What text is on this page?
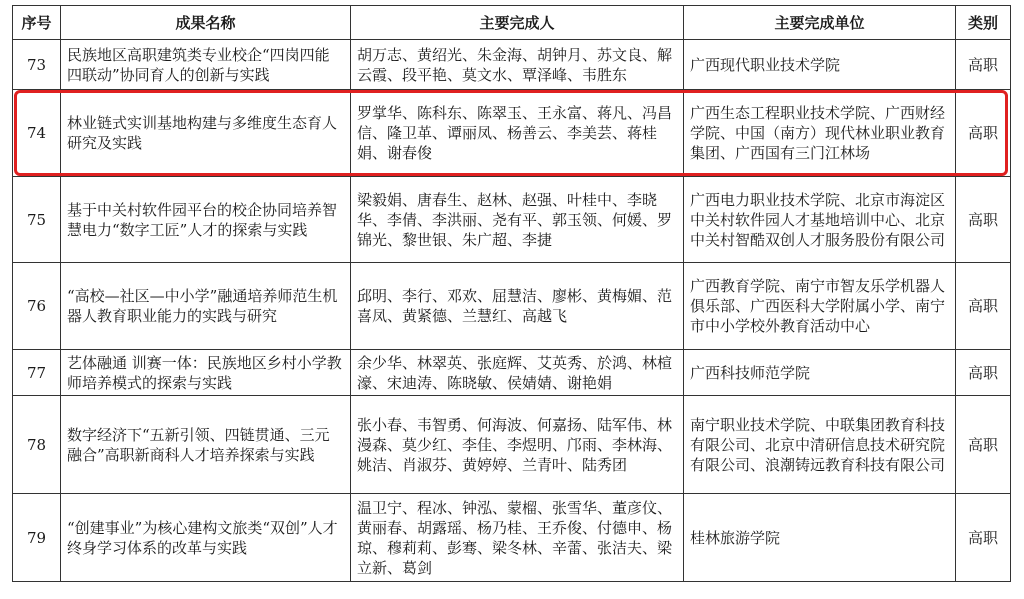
序号	成果名称	主要完成人	主要完成单位	类别
73	民族地区高职建筑类专业校企“四岗四能四联动”协同育人的创新与实践	胡万志、黄绍光、朱金海、胡钟月、苏文良、解云霞、段平艳、莫文水、覃泽峰、韦胜东	广西现代职业技术学院	高职
74	林业链式实训基地构建与多维度生态育人研究及实践	罗掌华、陈科东、陈翠玉、王永富、蒋凡、冯昌信、隆卫革、谭丽凤、杨善云、李美芸、蒋桂娟、谢春俊	广西生态工程职业技术学院、广西财经学院、中国（南方）现代林业职业教育集团、广西国有三门江林场	高职
75	基于中关村软件园平台的校企协同培养智慧电力“数字工匠”人才的探索与实践	梁毅娟、唐春生、赵林、赵强、叶桂中、李晓华、李倩、李洪丽、尧有平、郭玉领、何媛、罗锦光、黎世银、朱广超、李捷	广西电力职业技术学院、北京市海淀区中关村软件园人才基地培训中心、北京中关村智酷双创人才服务股份有限公司	高职
76	“高校—社区—中小学”融通培养师范生机器人教育职业能力的实践与研究	邱明、李行、邓欢、屈慧洁、廖彬、黄梅媚、范喜凤、黄紧德、兰慧红、高越飞	广西教育学院、南宁市智友乐学机器人俱乐部、广西医科大学附属小学、南宁市中小学校外教育活动中心	高职
77	艺体融通 训赛一体：民族地区乡村小学教师培养模式的探索与实践	余少华、林翠英、张庭辉、艾英秀、於鸿、林楦濠、宋迪涛、陈晓敏、侯婧婧、谢艳娟	广西科技师范学院	高职
78	数字经济下“五新引领、四链贯通、三元融合”高职新商科人才培养探索与实践	张小春、韦智勇、何海波、何嘉扬、陆军伟、林漫森、莫少红、李佳、李煜明、邝雨、李林海、姚洁、肖淑芬、黄婷婷、兰青叶、陆秀团	南宁职业技术学院、中联集团教育科技有限公司、北京中清研信息技术研究院有限公司、浪潮铸远教育科技有限公司	高职
79	“创建事业”为核心建构文旅类“双创”人才终身学习体系的改革与实践	温卫宁、程冰、钟泓、蒙榴、张雪华、董彦伩、黄丽春、胡露瑶、杨乃桂、王乔俊、付德申、杨琼、穆莉莉、彭骞、梁冬林、辛蕾、张洁夫、梁立新、葛剑	桂林旅游学院	高职
